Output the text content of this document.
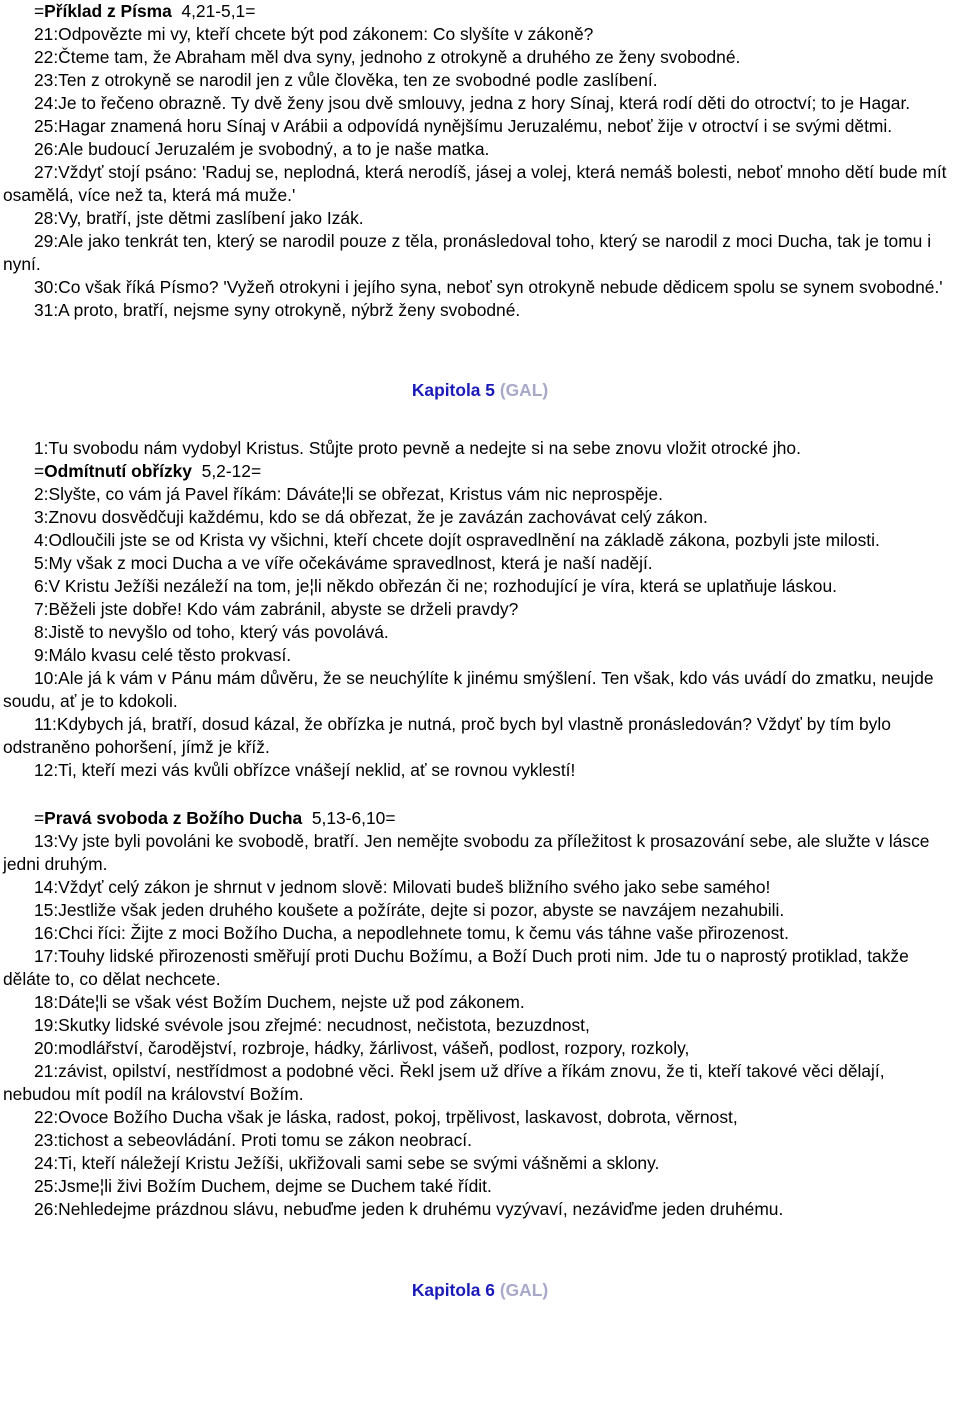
=Příklad z Písma  4,21-5,1=

21:Odpovězte mi vy, kteří chcete být pod zákonem: Co slyšíte v zákoně?

22:Čteme tam, že Abraham měl dva syny, jednoho z otrokyně a druhého ze ženy svobodné.

23:Ten z otrokyně se narodil jen z vůle člověka, ten ze svobodné podle zaslíbení.

24:Je to řečeno obrazně. Ty dvě ženy jsou dvě smlouvy, jedna z hory Sínaj, která rodí děti do otroctví; to je Hagar.

25:Hagar znamená horu Sínaj v Arábii a odpovídá nynějšímu Jeruzalému, neboť žije v otroctví i se svými dětmi.

26:Ale budoucí Jeruzalém je svobodný, a to je naše matka.

27:Vždyť stojí psáno: 'Raduj se, neplodná, která nerodíš, jásej a volej, která nemáš bolesti, neboť mnoho dětí bude mít osamělá, více než ta, která má muže.'

28:Vy, bratří, jste dětmi zaslíbení jako Izák.

29:Ale jako tenkrát ten, který se narodil pouze z těla, pronásledoval toho, který se narodil z moci Ducha, tak je tomu i nyní.

30:Co však říká Písmo? 'Vyžeň otrokyni i jejího syna, neboť syn otrokyně nebude dědicem spolu se synem svobodné.'

31:A proto, bratří, nejsme syny otrokyně, nýbrž ženy svobodné.

Kapitola 5 (GAL)

1:Tu svobodu nám vydobyl Kristus. Stůjte proto pevně a nedejte si na sebe znovu vložit otrocké jho.

=Odmítnutí obřízky  5,2-12=

2:Slyšte, co vám já Pavel říkám: Dáváte¦li se obřezat, Kristus vám nic neprospěje.

3:Znovu dosvědčuji každému, kdo se dá obřezat, že je zavázán zachovávat celý zákon.

4:Odloučili jste se od Krista vy všichni, kteří chcete dojít ospravedlnění na základě zákona, pozbyli jste milosti.

5:My však z moci Ducha a ve víře očekáváme spravedlnost, která je naší nadějí.

6:V Kristu Ježíši nezáleží na tom, je¦li někdo obřezán či ne; rozhodující je víra, která se uplatňuje láskou.

7:Běželi jste dobře! Kdo vám zabránil, abyste se drželi pravdy?

8:Jistě to nevyšlo od toho, který vás povolává.

9:Málo kvasu celé těsto prokvasí.

10:Ale já k vám v Pánu mám důvěru, že se neuchýlíte k jinému smýšlení. Ten však, kdo vás uvádí do zmatku, neujde soudu, ať je to kdokoli.

11:Kdybych já, bratří, dosud kázal, že obřízka je nutná, proč bych byl vlastně pronásledován? Vždyť by tím bylo odstraněno pohoršení, jímž je kříž.

12:Ti, kteří mezi vás kvůli obřízce vnášejí neklid, ať se rovnou vyklestí!

=Pravá svoboda z Božího Ducha  5,13-6,10=

13:Vy jste byli povoláni ke svobodě, bratří. Jen nemějte svobodu za příležitost k prosazování sebe, ale služte v lásce jedni druhým.

14:Vždyť celý zákon je shrnut v jednom slově: Milovati budeš bližního svého jako sebe samého!

15:Jestliže však jeden druhého koušete a požíráte, dejte si pozor, abyste se navzájem nezahubili.

16:Chci říci: Žijte z moci Božího Ducha, a nepodlehnete tomu, k čemu vás táhne vaše přirozenost.

17:Touhy lidské přirozenosti směřují proti Duchu Božímu, a Boží Duch proti nim. Jde tu o naprostý protiklad, takže děláte to, co dělat nechcete.

18:Dáte¦li se však vést Božím Duchem, nejste už pod zákonem.

19:Skutky lidské svévole jsou zřejmé: necudnost, nečistota, bezuzdnost,

20:modlářství, čarodějství, rozbroje, hádky, žárlivost, vášeň, podlost, rozpory, rozkoly,

21:závist, opilství, nestřídmost a podobné věci. Řekl jsem už dříve a říkám znovu, že ti, kteří takové věci dělají, nebudou mít podíl na království Božím.

22:Ovoce Božího Ducha však je láska, radost, pokoj, trpělivost, laskavost, dobrota, věrnost,

23:tichost a sebeovládání. Proti tomu se zákon neobrací.

24:Ti, kteří náležejí Kristu Ježíši, ukřižovali sami sebe se svými vášněmi a sklony.

25:Jsme¦li živi Božím Duchem, dejme se Duchem také řídit.

26:Nehledejme prázdnou slávu, nebuďme jeden k druhému vyzývaví, nezáviďme jeden druhému.

Kapitola 6 (GAL)
